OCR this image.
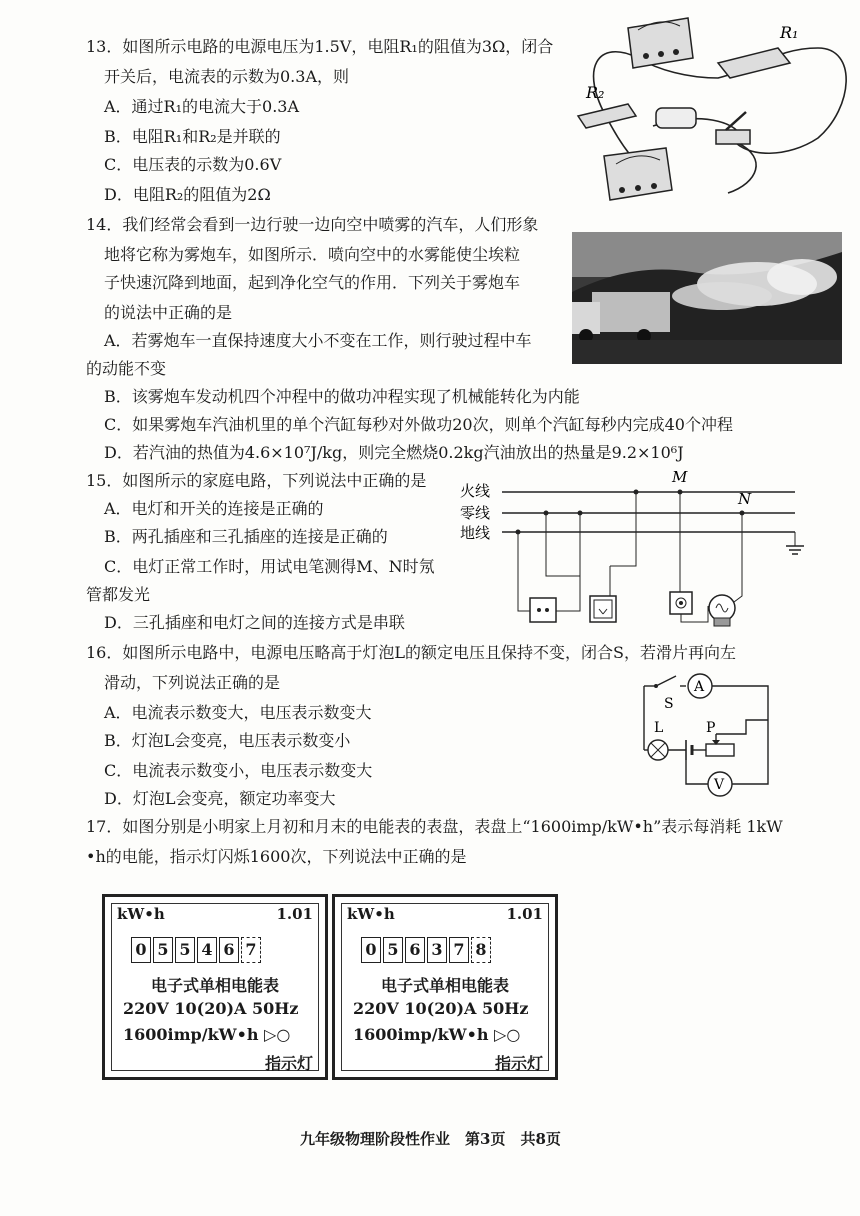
13．如图所示电路的电源电压为1.5V，电阻R₁的阻值为3Ω，闭合
开关后，电流表的示数为0.3A，则
A．通过R₁的电流大于0.3A
B．电阻R₁和R₂是并联的
C．电压表的示数为0.6V
D．电阻R₂的阻值为2Ω
R₁
R₂
14．我们经常会看到一边行驶一边向空中喷雾的汽车，人们形象
地将它称为雾炮车，如图所示．喷向空中的水雾能使尘埃粒
子快速沉降到地面，起到净化空气的作用．下列关于雾炮车
的说法中正确的是
A．若雾炮车一直保持速度大小不变在工作，则行驶过程中车
的动能不变
B．该雾炮车发动机四个冲程中的做功冲程实现了机械能转化为内能
C．如果雾炮车汽油机里的单个汽缸每秒对外做功20次，则单个汽缸每秒内完成40个冲程
D．若汽油的热值为4.6×10⁷J/kg，则完全燃烧0.2kg汽油放出的热量是9.2×10⁶J
15．如图所示的家庭电路，下列说法中正确的是
A．电灯和开关的连接是正确的
B．两孔插座和三孔插座的连接是正确的
C．电灯正常工作时，用试电笔测得M、N时氖
管都发光
D．三孔插座和电灯之间的连接方式是串联
火线
零线
地线
M
N
16．如图所示电路中，电源电压略高于灯泡L的额定电压且保持不变，闭合S，若滑片再向左
滑动，下列说法正确的是
A．电流表示数变大，电压表示数变大
B．灯泡L会变亮，电压表示数变小
C．电流表示数变小，电压表示数变大
D．灯泡L会变亮，额定功率变大
S
A
L	P
V
17．如图分别是小明家上月初和月末的电能表的表盘，表盘上“1600imp/kW•h”表示每消耗 1kW
•h的电能，指示灯闪烁1600次，下列说法中正确的是
kW•h	1.01
0 5 5 4 6 7
电子式单相电能表
220V 10(20)A 50Hz
1600imp/kW•h ▷○
指示灯
kW•h	1.01
0 5 6 3 7 8
电子式单相电能表
220V 10(20)A 50Hz
1600imp/kW•h ▷○
指示灯
九年级物理阶段性作业　第3页　共8页
